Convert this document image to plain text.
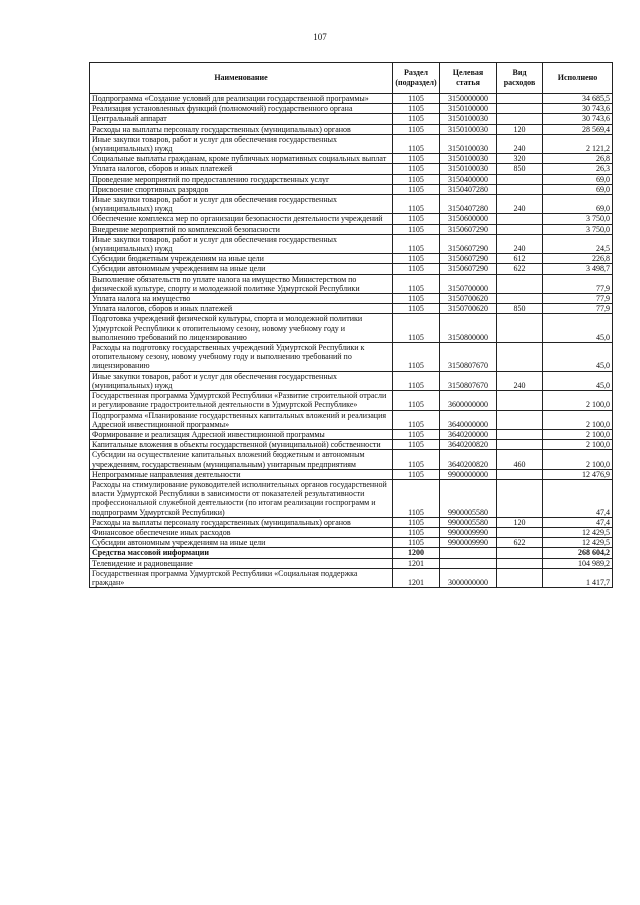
107
Наименование	Раздел (подраздел)	Целевая статья	Вид расходов	Исполнено
Подпрограмма «Создание условий для реализации государственной программы»	1105	3150000000		34 685,5
Реализация установленных функций (полномочий) государственного органа	1105	3150100000		30 743,6
Центральный аппарат	1105	3150100030		30 743,6
Расходы на выплаты персоналу государственных (муниципальных) органов	1105	3150100030	120	28 569,4
Иные закупки товаров, работ и услуг для обеспечения государственных (муниципальных) нужд	1105	3150100030	240	2 121,2
Социальные выплаты гражданам, кроме публичных нормативных социальных выплат	1105	3150100030	320	26,8
Уплата налогов, сборов и иных платежей	1105	3150100030	850	26,3
Проведение мероприятий по предоставлению государственных услуг	1105	3150400000		69,0
Присвоение спортивных разрядов	1105	3150407280		69,0
Иные закупки товаров, работ и услуг для обеспечения государственных (муниципальных) нужд	1105	3150407280	240	69,0
Обеспечение комплекса мер по организации безопасности деятельности учреждений	1105	3150600000		3 750,0
Внедрение мероприятий по комплексной безопасности	1105	3150607290		3 750,0
Иные закупки товаров, работ и услуг для обеспечения государственных (муниципальных) нужд	1105	3150607290	240	24,5
Субсидии бюджетным учреждениям на иные цели	1105	3150607290	612	226,8
Субсидии автономным учреждениям на иные цели	1105	3150607290	622	3 498,7
Выполнение обязательств по уплате налога на имущество Министерством по физической культуре, спорту и молодежной политике Удмуртской Республики	1105	3150700000		77,9
Уплата налога на имущество	1105	3150700620		77,9
Уплата налогов, сборов и иных платежей	1105	3150700620	850	77,9
Подготовка учреждений физической культуры, спорта и молодежной политики Удмуртской Республики к отопительному сезону, новому учебному году и выполнению требований по лицензированию	1105	3150800000		45,0
Расходы на подготовку государственных учреждений Удмуртской Республики к отопительному сезону, новому учебному году и выполнению требований по лицензированию	1105	3150807670		45,0
Иные закупки товаров, работ и услуг для обеспечения государственных (муниципальных) нужд	1105	3150807670	240	45,0
Государственная программа Удмуртской Республики «Развитие строительной отрасли и регулирование градостроительной деятельности в Удмуртской Республике»	1105	3600000000		2 100,0
Подпрограмма «Планирование государственных капитальных вложений и реализация Адресной инвестиционной программы»	1105	3640000000		2 100,0
Формирование и реализация Адресной инвестиционной программы	1105	3640200000		2 100,0
Капитальные вложения в объекты государственной (муниципальной) собственности	1105	3640200820		2 100,0
Субсидии на осуществление капитальных вложений бюджетным и автономным учреждениям, государственным (муниципальным) унитарным предприятиям	1105	3640200820	460	2 100,0
Непрограммные направления деятельности	1105	9900000000		12 476,9
Расходы на стимулирование руководителей исполнительных органов государственной власти Удмуртской Республики в зависимости от показателей результативности профессиональной служебной деятельности (по итогам реализации госпрограмм и подпрограмм Удмуртской Республики)	1105	9900005580		47,4
Расходы на выплаты персоналу государственных (муниципальных) органов	1105	9900005580	120	47,4
Финансовое обеспечение иных расходов	1105	9900009990		12 429,5
Субсидии автономным учреждениям на иные цели	1105	9900009990	622	12 429,5
Средства массовой информации	1200			268 604,2
Телевидение и радиовещание	1201			104 989,2
Государственная программа Удмуртской Республики «Социальная поддержка граждан»	1201	3000000000		1 417,7
